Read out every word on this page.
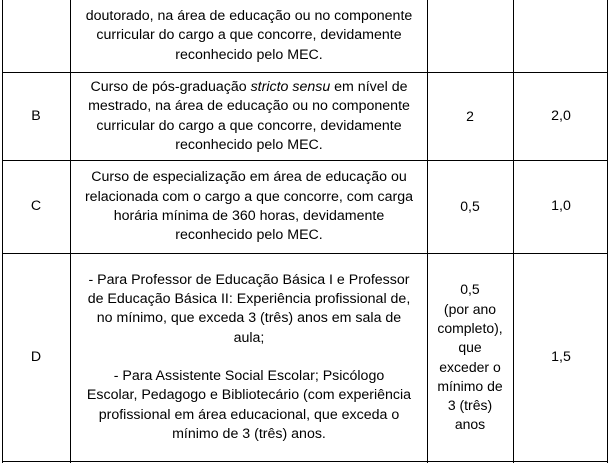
doutorado, na área de educação ou no componente
curricular do cargo a que concorre, devidamente
reconhecido pelo MEC.
B
Curso de pós-graduação stricto sensu em nível de
mestrado, na área de educação ou no componente
curricular do cargo a que concorre, devidamente
reconhecido pelo MEC.
2	2,0
C
Curso de especialização em área de educação ou
relacionada com o cargo a que concorre, com carga
horária mínima de 360 horas, devidamente
reconhecido pelo MEC.
0,5	1,0
D
- Para Professor de Educação Básica I e Professor
de Educação Básica II: Experiência profissional de,
no mínimo, que exceda 3 (três) anos em sala de
aula;
- Para Assistente Social Escolar; Psicólogo
Escolar, Pedagogo e Bibliotecário (com experiência
profissional em área educacional, que exceda o
mínimo de 3 (três) anos.
0,5
(por ano
completo),
que
exceder o
mínimo de
3 (três)
anos
1,5
